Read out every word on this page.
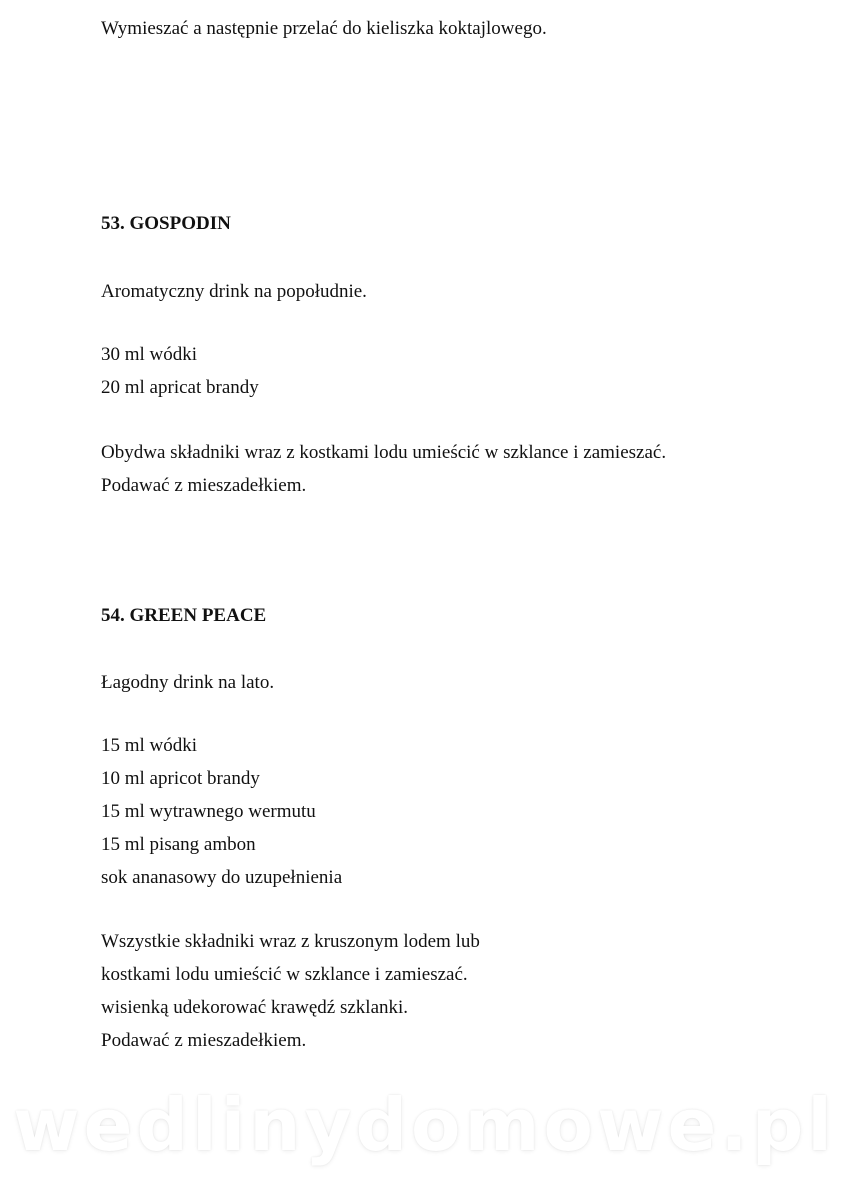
Wymieszać a następnie przelać do kieliszka koktajlowego.
53. GOSPODIN
Aromatyczny drink na popołudnie.
30 ml wódki
20 ml apricat brandy
Obydwa składniki wraz z kostkami lodu umieścić w szklance i zamieszać.
Podawać z mieszadełkiem.
54. GREEN PEACE
Łagodny drink na lato.
15 ml wódki
10 ml apricot brandy
15 ml wytrawnego wermutu
15 ml pisang ambon
sok ananasowy do uzupełnienia
Wszystkie składniki wraz z kruszonym lodem lub
kostkami lodu umieścić w szklance i zamieszać.
wisienką udekorować krawędź szklanki.
Podawać z mieszadełkiem.
wedlinydomowe.pl
